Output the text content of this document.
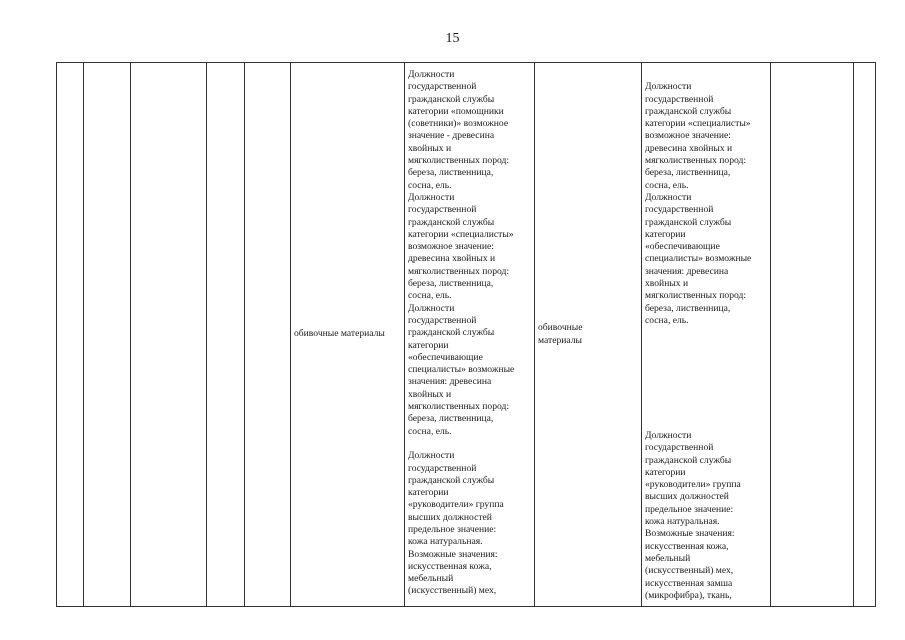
15
обивочные материалы
Должности
государственной
гражданской службы
категории «помощники
(советники)» возможное
значение - древесина
хвойных и
мягколиственных пород:
береза, лиственница,
сосна, ель.
Должности
государственной
гражданской службы
категории «специалисты»
возможное значение:
древесина хвойных и
мягколиственных пород:
береза, лиственница,
сосна, ель.
Должности
государственной
гражданской службы
категории
«обеспечивающие
специалисты» возможные
значения: древесина
хвойных и
мягколиственных пород:
береза, лиственница,
сосна, ель.

Должности
государственной
гражданской службы
категории
«руководители» группа
высших должностей
предельное значение:
кожа натуральная.
Возможные значения:
искусственная кожа,
мебельный
(искусственный) мех,
обивочные
материалы

Должности
государственной
гражданской службы
категории «специалисты»
возможное значение:
древесина хвойных и
мягколиственных пород:
береза, лиственница,
сосна, ель.
Должности
государственной
гражданской службы
категории
«обеспечивающие
специалисты» возможные
значения: древесина
хвойных и
мягколиственных пород:
береза, лиственница,
сосна, ель.

Должности
государственной
гражданской службы
категории
«руководители» группа
высших должностей
предельное значение:
кожа натуральная.
Возможные значения:
искусственная кожа,
мебельный
(искусственный) мех,
искусственная замша
(микрофибра), ткань,
